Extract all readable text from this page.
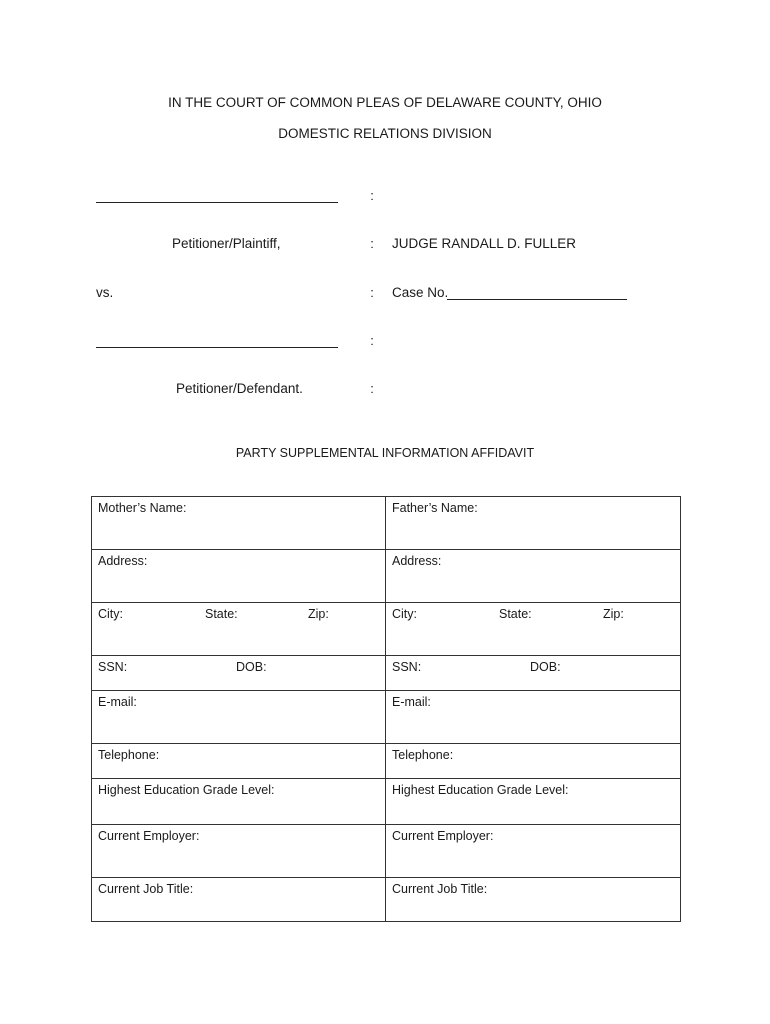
IN THE COURT OF COMMON PLEAS OF DELAWARE COUNTY, OHIO
DOMESTIC RELATIONS DIVISION
:
Petitioner/Plaintiff,	: JUDGE RANDALL D. FULLER
vs.	: Case No.
:
Petitioner/Defendant.	:
PARTY SUPPLEMENTAL INFORMATION AFFIDAVIT
Mother’s Name:	Father’s Name:

Address:	Address:

City: State: Zip:	City: State: Zip:

SSN: DOB:	SSN: DOB:

E-mail:	E-mail:

Telephone:	Telephone:

Highest Education Grade Level:	Highest Education Grade Level:

Current Employer:	Current Employer:

Current Job Title:	Current Job Title:
